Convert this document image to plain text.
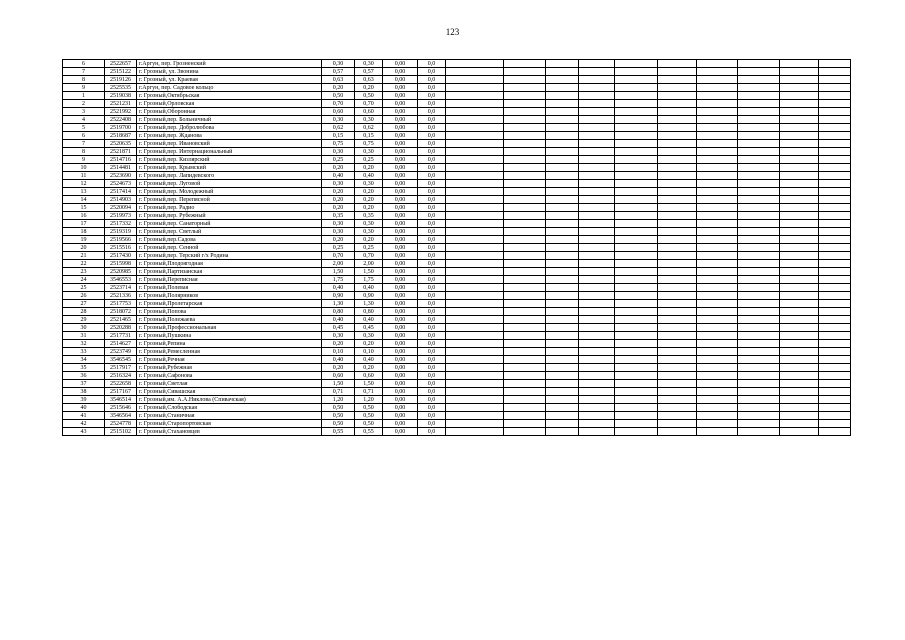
123
6	2522657	г.Аргун, пер. Грозненский	0,30	0,30	0,00	0,0										
7	2515122	г. Грозный, ул. Звонина	0,57	0,57	0,00	0,0										
8	2519126	г. Грозный, ул. Краевая	0,63	0,63	0,00	0,0										
9	2525535	г.Аргун, пер. Садовое кольцо	0,20	0,20	0,00	0,0										
1	2519038	г. Грозный,Октябрьская	0,50	0,50	0,00	0,0										
2	2521231	г. Грозный,Орловская	0,70	0,70	0,00	0,0										
3	2521992	г. Грозный,Оборонная	0,60	0,60	0,00	0,0										
4	2522408	г. Грозный,пер. Больничный	0,30	0,30	0,00	0,0										
5	2519700	г. Грозный,пер. Добролюбова	0,62	0,62	0,00	0,0										
6	2518687	г. Грозный,пер. Жданова	0,15	0,15	0,00	0,0										
7	2520635	г. Грозный,пер. Ивановский	0,75	0,75	0,00	0,0										
8	2521871	г. Грозный,пер. Интернациональный	0,30	0,30	0,00	0,0										
9	2514716	г. Грозный,пер. Кизлярский	0,25	0,25	0,00	0,0										
10	2514481	г. Грозный,пер. Крымский	0,20	0,20	0,00	0,0										
11	2523690	г. Грозный,пер. Лапидевского	0,40	0,40	0,00	0,0										
12	2524673	г. Грозный,пер. Луговой	0,30	0,30	0,00	0,0										
13	2517414	г. Грозный,пер. Молодежный	0,20	0,20	0,00	0,0										
14	2514903	г. Грозный,пер. Перепясной	0,20	0,20	0,00	0,0										
15	2520094	г. Грозный,пер. Радио	0,20	0,20	0,00	0,0										
16	2519973	г. Грозный,пер. Рубежный	0,35	0,35	0,00	0,0										
17	2517332	г. Грозный,пер. Санаторный	0,30	0,30	0,00	0,0										
18	2519319	г. Грозный,пер. Светлый	0,30	0,30	0,00	0,0										
19	2519566	г. Грозный,пер.Садова	0,20	0,20	0,00	0,0										
20	2515516	г. Грозный,пер. Сенной	0,25	0,25	0,00	0,0										
21	2517430	г. Грозный,пер. Терский г/х Родина	0,70	0,70	0,00	0,0										
22	2515998	г. Грозный,Плодоягодная	2,00	2,00	0,00	0,0										
23	2520985	г. Грозный,Партизанская	1,50	1,50	0,00	0,0										
24	3546553	г. Грозный,Переписная	1,75	1,75	0,00	0,0										
25	2523714	г. Грозный,Полевая	0,40	0,40	0,00	0,0										
26	2521336	г. Грозный,Полярников	0,90	0,90	0,00	0,0										
27	2517753	г. Грозный,Пролетарская	1,30	1,30	0,00	0,0										
28	2518072	г. Грозный,Попова	0,80	0,80	0,00	0,0										
29	2521465	г. Грозный,Полежаева	0,40	0,40	0,00	0,0										
30	2520288	г. Грозный,Профессиональная	0,45	0,45	0,00	0,0										
31	2517731	г. Грозный,Пушкина	0,30	0,30	0,00	0,0										
32	2514627	г. Грозный,Репина	0,20	0,20	0,00	0,0										
33	2523749	г. Грозный,Ремесленная	0,10	0,10	0,00	0,0										
34	3546545	г. Грозный,Речная	0,40	0,40	0,00	0,0										
35	2517917	г. Грозный,Рубежная	0,20	0,20	0,00	0,0										
36	2516324	г. Грозный,Сафонова	0,60	0,60	0,00	0,0										
37	2522658	г. Грозный,Светлая	1,50	1,50	0,00	0,0										
38	2517167	г. Грозный,Сивашская	0,71	0,71	0,00	0,0										
39	3546514	г. Грозный,им. А.А.Никлова (Спивачская)	1,20	1,20	0,00	0,0										
40	2515646	г. Грозный,Слободская	0,50	0,50	0,00	0,0										
41	3546564	г. Грозный,Станичная	0,50	0,50	0,00	0,0										
42	2524778	г. Грозный,Старопортовская	0,50	0,50	0,00	0,0										
43	2515102	г. Грозный,Стахановцев	0,55	0,55	0,00	0,0										
